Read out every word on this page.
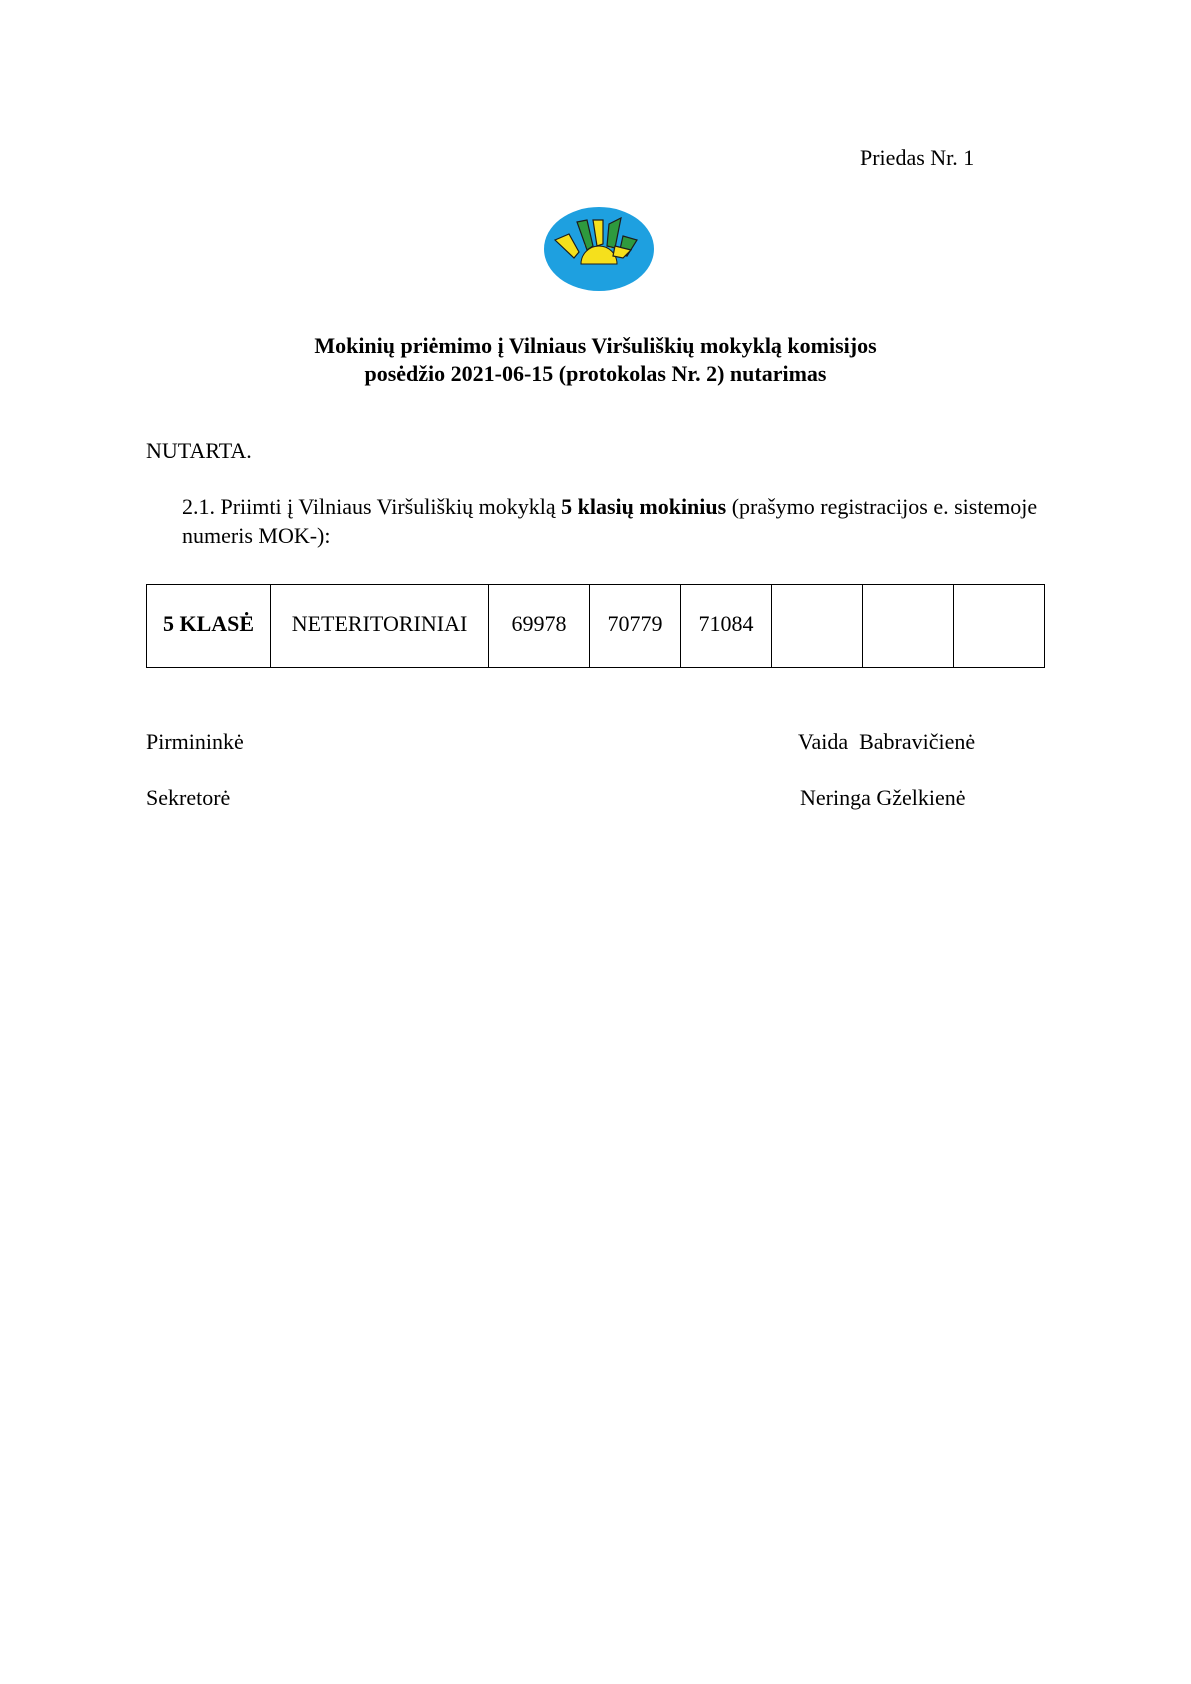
Priedas Nr. 1
Mokinių priėmimo į Vilniaus Viršuliškių mokyklą komisijos
posėdžio 2021-06-15 (protokolas Nr. 2) nutarimas
NUTARTA.
2.1. Priimti į Vilniaus Viršuliškių mokyklą 5 klasių mokinius (prašymo registracijos e. sistemoje numeris MOK-):
5 KLASĖ	NETERITORINIAI	69978	70779	71084			
Pirmininkė	Vaida  Babravičienė
Sekretorė	Neringa Gželkienė
